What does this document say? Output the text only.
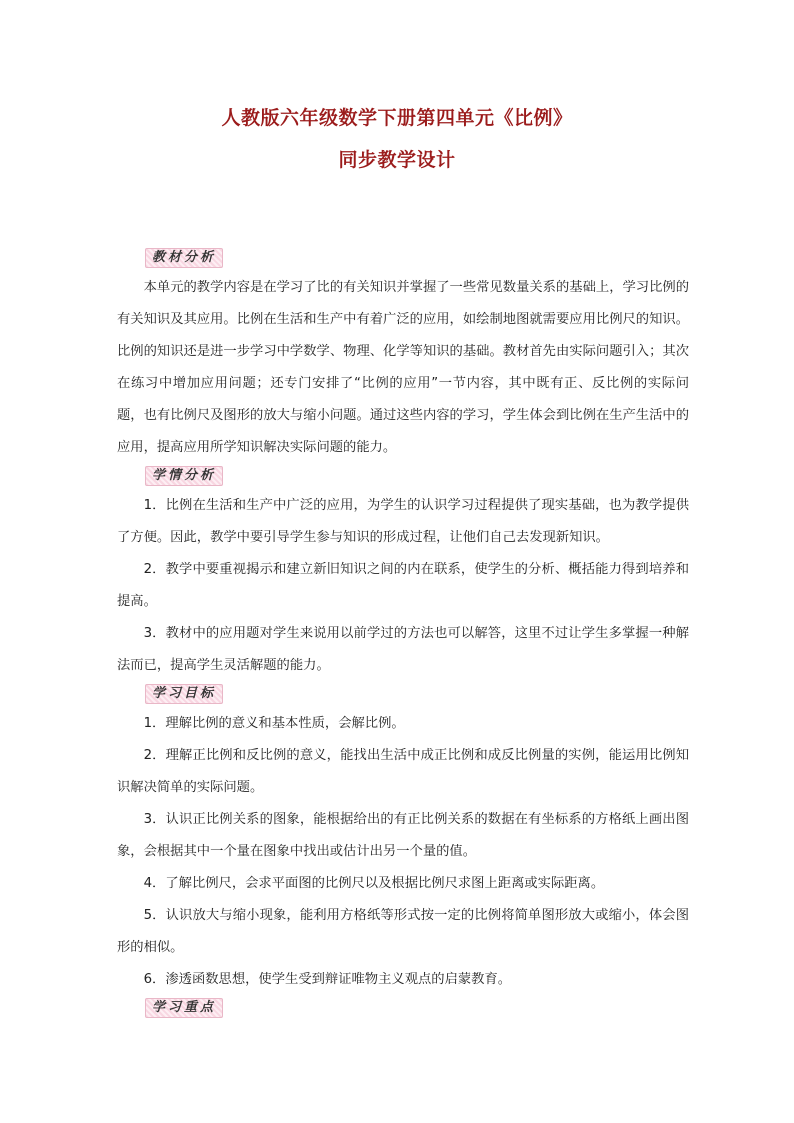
人教版六年级数学下册第四单元《比例》
同步教学设计
教材分析

本单元的教学内容是在学习了比的有关知识并掌握了一些常见数量关系的基础上，学习比例的有关知识及其应用。比例在生活和生产中有着广泛的应用，如绘制地图就需要应用比例尺的知识。比例的知识还是进一步学习中学数学、物理、化学等知识的基础。教材首先由实际问题引入；其次在练习中增加应用问题；还专门安排了“比例的应用”一节内容，其中既有正、反比例的实际问题，也有比例尺及图形的放大与缩小问题。通过这些内容的学习，学生体会到比例在生产生活中的应用，提高应用所学知识解决实际问题的能力。

学情分析

1．比例在生活和生产中广泛的应用，为学生的认识学习过程提供了现实基础，也为教学提供了方便。因此，教学中要引导学生参与知识的形成过程，让他们自己去发现新知识。

2．教学中要重视揭示和建立新旧知识之间的内在联系，使学生的分析、概括能力得到培养和提高。

3．教材中的应用题对学生来说用以前学过的方法也可以解答，这里不过让学生多掌握一种解法而已，提高学生灵活解题的能力。

学习目标

1．理解比例的意义和基本性质，会解比例。

2．理解正比例和反比例的意义，能找出生活中成正比例和成反比例量的实例，能运用比例知识解决简单的实际问题。

3．认识正比例关系的图象，能根据给出的有正比例关系的数据在有坐标系的方格纸上画出图象，会根据其中一个量在图象中找出或估计出另一个量的值。

4．了解比例尺，会求平面图的比例尺以及根据比例尺求图上距离或实际距离。

5．认识放大与缩小现象，能利用方格纸等形式按一定的比例将简单图形放大或缩小，体会图形的相似。

6．渗透函数思想，使学生受到辩证唯物主义观点的启蒙教育。

学习重点
